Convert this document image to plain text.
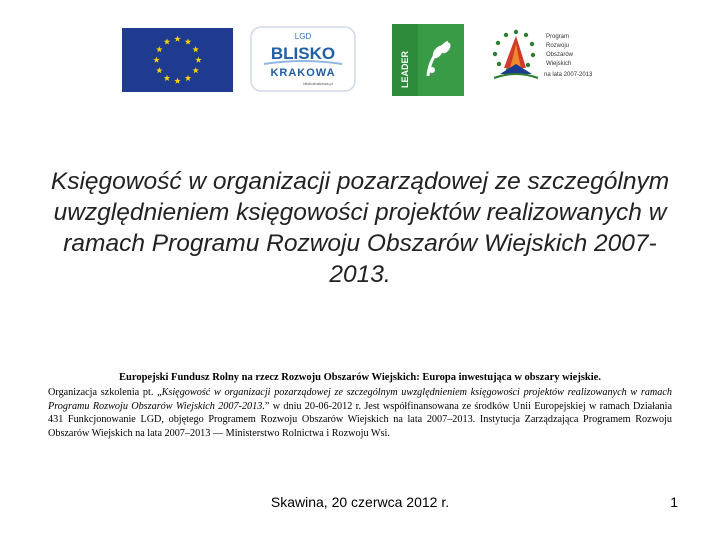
LGD
BLISKO
KRAKOWA
bliskokrakowa.pl	LEADER
Program
Rozwoju
Obszarów
Wiejskich
na lata 2007-2013
Księgowość w organizacji pozarządowej ze szczególnym uwzględnieniem księgowości projektów realizowanych w ramach Programu Rozwoju Obszarów Wiejskich 2007-2013.

Europejski Fundusz Rolny na rzecz Rozwoju Obszarów Wiejskich: Europa inwestująca w obszary wiejskie.

Organizacja szkolenia pt. „Księgowość w organizacji pozarządowej ze szczególnym uwzględnieniem księgowości projektów realizowanych w ramach Programu Rozwoju Obszarów Wiejskich 2007-2013.” w dniu 20-06-2012 r. Jest współfinansowana ze środków Unii Europejskiej w ramach Działania 431 Funkcjonowanie LGD, objętego Programem Rozwoju Obszarów Wiejskich na lata 2007–2013. Instytucja Zarządzająca Programem Rozwoju Obszarów Wiejskich na lata 2007–2013 — Ministerstwo Rolnictwa i Rozwoju Wsi.

Skawina, 20 czerwca 2012 r.	1
